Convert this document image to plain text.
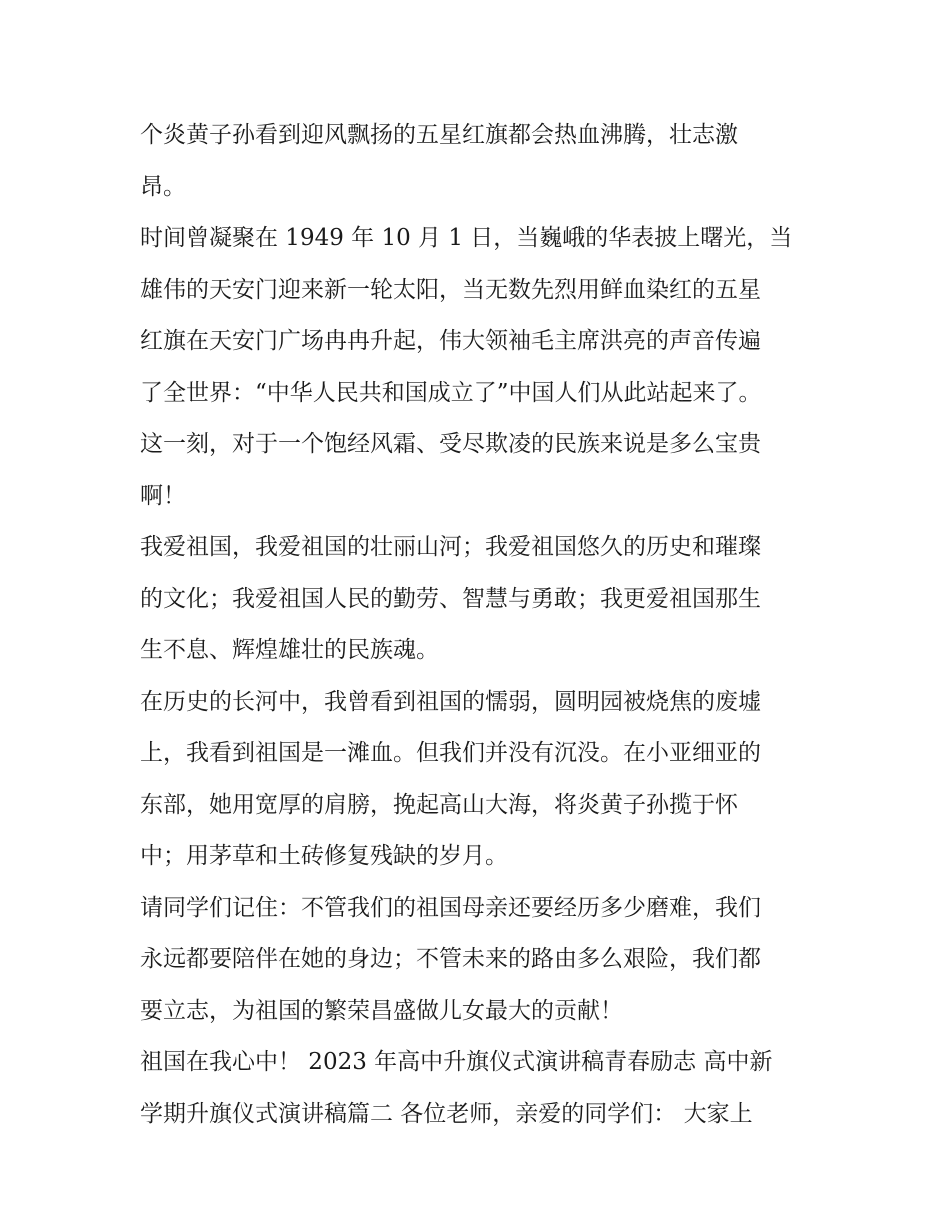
个炎黄子孙看到迎风飘扬的五星红旗都会热血沸腾，壮志激
昂。
时间曾凝聚在 1949 年 10 月 1 日，当巍峨的华表披上曙光，当
雄伟的天安门迎来新一轮太阳，当无数先烈用鲜血染红的五星
红旗在天安门广场冉冉升起，伟大领袖毛主席洪亮的声音传遍
了全世界：“中华人民共和国成立了”中国人们从此站起来了。
这一刻，对于一个饱经风霜、受尽欺凌的民族来说是多么宝贵
啊！
我爱祖国，我爱祖国的壮丽山河；我爱祖国悠久的历史和璀璨
的文化；我爱祖国人民的勤劳、智慧与勇敢；我更爱祖国那生
生不息、辉煌雄壮的民族魂。
在历史的长河中，我曾看到祖国的懦弱，圆明园被烧焦的废墟
上，我看到祖国是一滩血。但我们并没有沉没。在小亚细亚的
东部，她用宽厚的肩膀，挽起高山大海，将炎黄子孙揽于怀
中；用茅草和土砖修复残缺的岁月。
请同学们记住：不管我们的祖国母亲还要经历多少磨难，我们
永远都要陪伴在她的身边；不管未来的路由多么艰险，我们都
要立志，为祖国的繁荣昌盛做儿女最大的贡献！
祖国在我心中！ 2023 年高中升旗仪式演讲稿青春励志 高中新
学期升旗仪式演讲稿篇二 各位老师，亲爱的同学们： 大家上
